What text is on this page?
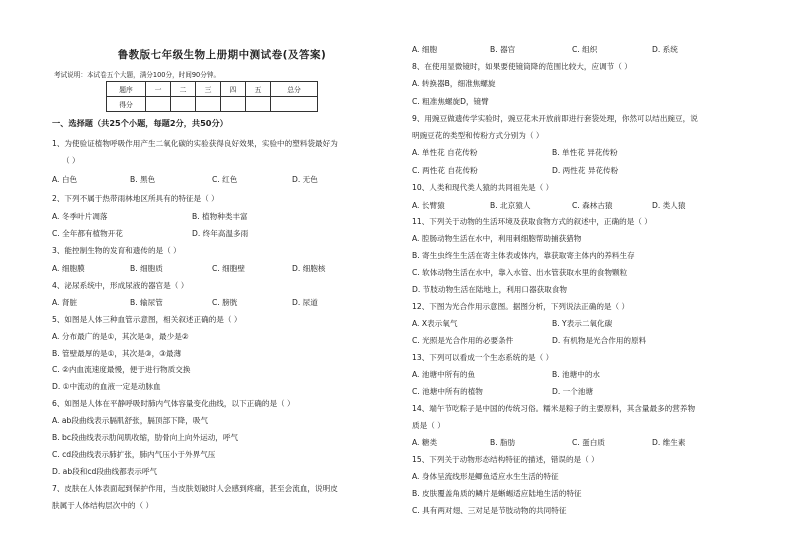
鲁教版七年级生物上册期中测试卷(及答案)
考试说明：本试卷五个大题，满分100分，时间90分钟。
题序	一	二	三	四	五	总分
得分						
一、选择题（共25个小题，每题2分，共50分）
1、为使验证植物呼吸作用产生二氧化碳的实验获得良好效果，实验中的塑料袋最好为
（ ）
A. 白色	B. 黑色	C. 红色	D. 无色
2、下列不属于热带雨林地区所具有的特征是（ ）
A. 冬季叶片凋落	B. 植物种类丰富
C. 全年都有植物开花	D. 终年高温多雨
3、能控制生物的发育和遗传的是（ ）
A. 细胞膜	B. 细胞质	C. 细胞壁	D. 细胞核
4、泌尿系统中，形成尿液的器官是（ ）
A. 肾脏	B. 输尿管	C. 膀胱	D. 尿道
5、如图是人体三种血管示意图，相关叙述正确的是（ ）
A. 分布最广的是①，其次是③，最少是②
B. 管壁最厚的是①，其次是③，③最薄
C. ②内血流速度最慢，便于进行物质交换
D. ①中流动的血液一定是动脉血
6、如图是人体在平静呼吸时肺内气体容量变化曲线，以下正确的是（ ）
A. ab段曲线表示膈肌舒张，膈顶部下降，吸气
B. bc段曲线表示肋间肌收缩，肋骨向上向外运动，呼气
C. cd段曲线表示肺扩张，肺内气压小于外界气压
D. ab段和cd段曲线都表示呼气
7、皮肤在人体表面起到保护作用，当皮肤划破时人会感到疼痛，甚至会流血，说明皮
肤属于人体结构层次中的（ ）
A. 细胞	B. 器官	C. 组织	D. 系统
8、在使用显微镜时，如果要使镜筒降的范围比较大，应调节（ ）
A. 转换器B，细准焦螺旋
C. 粗准焦螺旋D，镜臂
9、用豌豆做遗传学实验时，豌豆花未开放前即进行套袋处理，你然可以结出豌豆，说
明豌豆花的类型和传粉方式分别为（ ）
A. 单性花 自花传粉	B. 单性花 异花传粉
C. 两性花 自花传粉	D. 两性花 异花传粉
10、人类和现代类人猿的共同祖先是（ ）
A. 长臂猿	B. 北京猿人	C. 森林古猿	D. 类人猿
11、下列关于动物的生活环境及获取食物方式的叙述中，正确的是（ ）
A. 腔肠动物生活在水中，利用刺细胞帮助捕获猎物
B. 寄生虫终生生活在寄主体表或体内，靠获取寄主体内的养料生存
C. 软体动物生活在水中，靠入水管、出水管获取水里的食物颗粒
D. 节肢动物生活在陆地上，利用口器获取食物
12、下图为光合作用示意图。据图分析，下列说法正确的是（ ）
A. X表示氧气	B. Y表示二氧化碳
C. 光照是光合作用的必要条件	D. 有机物是光合作用的原料
13、下列可以看成一个生态系统的是（ ）
A. 池塘中所有的鱼	B. 池塘中的水
C. 池塘中所有的植物	D. 一个池塘
14、端午节吃粽子是中国的传统习俗。糯米是粽子的主要原料，其含量最多的营养物
质是（ ）
A. 糖类	B. 脂肪	C. 蛋白质	D. 维生素
15、下列关于动物形态结构特征的描述，错误的是（ ）
A. 身体呈流线形是鲫鱼适应水生生活的特征
B. 皮肤覆盖角质的鳞片是蜥蜴适应陆地生活的特征
C. 具有两对翅、三对足是节肢动物的共同特征
